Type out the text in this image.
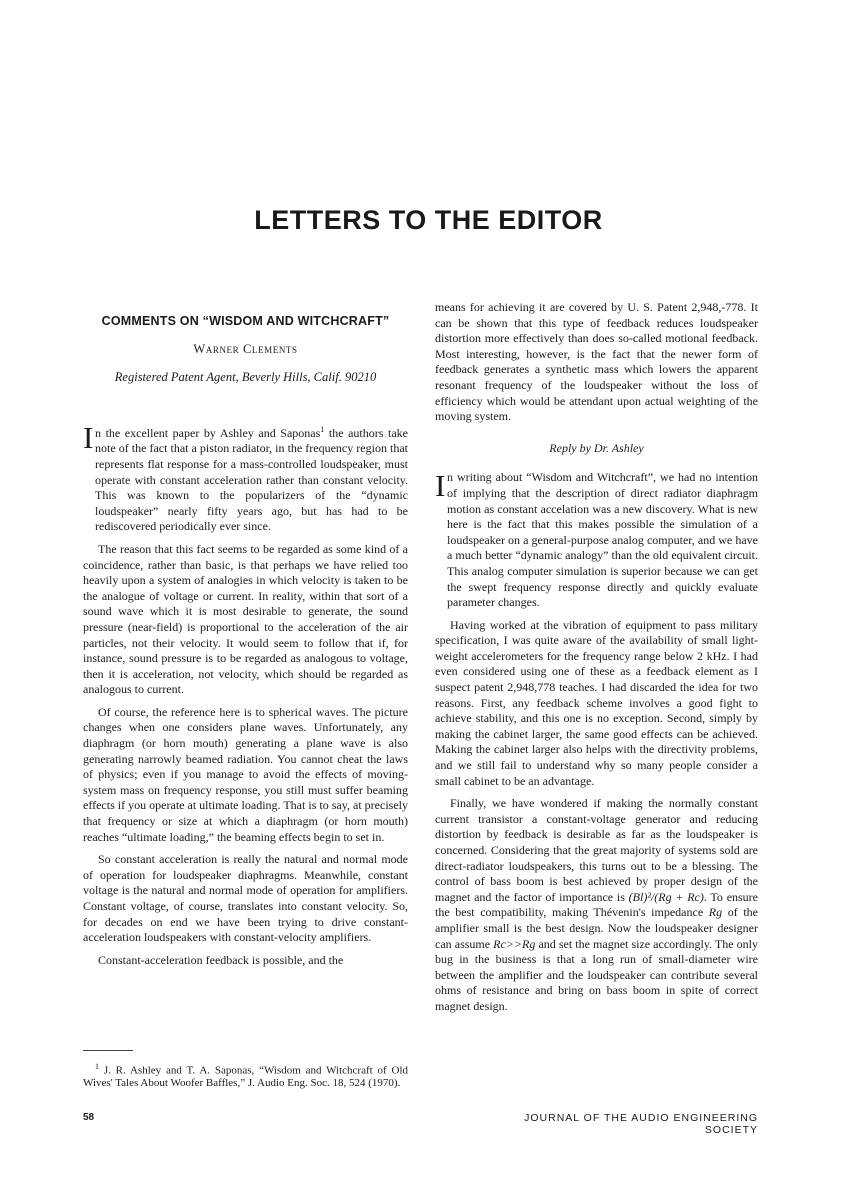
LETTERS TO THE EDITOR
COMMENTS ON “WISDOM AND WITCHCRAFT”
Warner Clements
Registered Patent Agent, Beverly Hills, Calif. 90210

I n the excellent paper by Ashley and Saponas$^1$ the authors take note of the fact that a piston radiator, in the frequency region that represents flat response for a mass-controlled loudspeaker, must operate with constant acceleration rather than constant velocity. This was known to the popularizers of the “dynamic loudspeaker” nearly fifty years ago, but has had to be rediscovered periodically ever since.

The reason that this fact seems to be regarded as some kind of a coincidence, rather than basic, is that perhaps we have relied too heavily upon a system of analogies in which velocity is taken to be the analogue of voltage or current. In reality, within that sort of a sound wave which it is most desirable to generate, the sound pressure (near-field) is proportional to the acceleration of the air particles, not their velocity. It would seem to follow that if, for instance, sound pressure is to be regarded as analogous to voltage, then it is acceleration, not velocity, which should be regarded as analogous to current.

Of course, the reference here is to spherical waves. The picture changes when one considers plane waves. Unfortunately, any diaphragm (or horn mouth) generating a plane wave is also generating narrowly beamed radiation. You cannot cheat the laws of physics; even if you manage to avoid the effects of moving-system mass on frequency response, you still must suffer beaming effects if you operate at ultimate loading. That is to say, at precisely that frequency or size at which a diaphragm (or horn mouth) reaches “ultimate loading,” the beaming effects begin to set in.

So constant acceleration is really the natural and normal mode of operation for loudspeaker diaphragms. Meanwhile, constant voltage is the natural and normal mode of operation for amplifiers. Constant voltage, of course, translates into constant velocity. So, for decades on end we have been trying to drive constant-acceleration loudspeakers with constant-velocity amplifiers.

Constant-acceleration feedback is possible, and the

means for achieving it are covered by U. S. Patent 2,948,-778. It can be shown that this type of feedback reduces loudspeaker distortion more effectively than does so-called motional feedback. Most interesting, however, is the fact that the newer form of feedback generates a synthetic mass which lowers the apparent resonant frequency of the loudspeaker without the loss of efficiency which would be attendant upon actual weighting of the moving system.

Reply by Dr. Ashley

I n writing about “Wisdom and Witchcraft”, we had no intention of implying that the description of direct radiator diaphragm motion as constant accelation was a new discovery. What is new here is the fact that this makes possible the simulation of a loudspeaker on a general-purpose analog computer, and we have a much better “dynamic analogy” than the old equivalent circuit. This analog computer simulation is superior because we can get the swept frequency response directly and quickly evaluate parameter changes.

Having worked at the vibration of equipment to pass military specification, I was quite aware of the availability of small light-weight accelerometers for the frequency range below 2 kHz. I had even considered using one of these as a feedback element as I suspect patent 2,948,778 teaches. I had discarded the idea for two reasons. First, any feedback scheme involves a good fight to achieve stability, and this one is no exception. Second, simply by making the cabinet larger, the same good effects can be achieved. Making the cabinet larger also helps with the directivity problems, and we still fail to understand why so many people consider a small cabinet to be an advantage.

Finally, we have wondered if making the normally constant current transistor a constant-voltage generator and reducing distortion by feedback is desirable as far as the loudspeaker is concerned. Considering that the great majority of systems sold are direct-radiator loudspeakers, this turns out to be a blessing. The control of bass boom is best achieved by proper design of the magnet and the factor of importance is (Bl)²/(Rg + Rc). To ensure the best compatibility, making Thévenin's impedance Rg of the amplifier small is the best design. Now the loudspeaker designer can assume Rc>>Rg and set the magnet size accordingly. The only bug in the business is that a long run of small-diameter wire between the amplifier and the loudspeaker can contribute several ohms of resistance and bring on bass boom in spite of correct magnet design.

$^1$ J. R. Ashley and T. A. Saponas, “Wisdom and Witchcraft of Old Wives' Tales About Woofer Baffles,” J. Audio Eng. Soc. 18, 524 (1970).
58	JOURNAL OF THE AUDIO ENGINEERING SOCIETY
